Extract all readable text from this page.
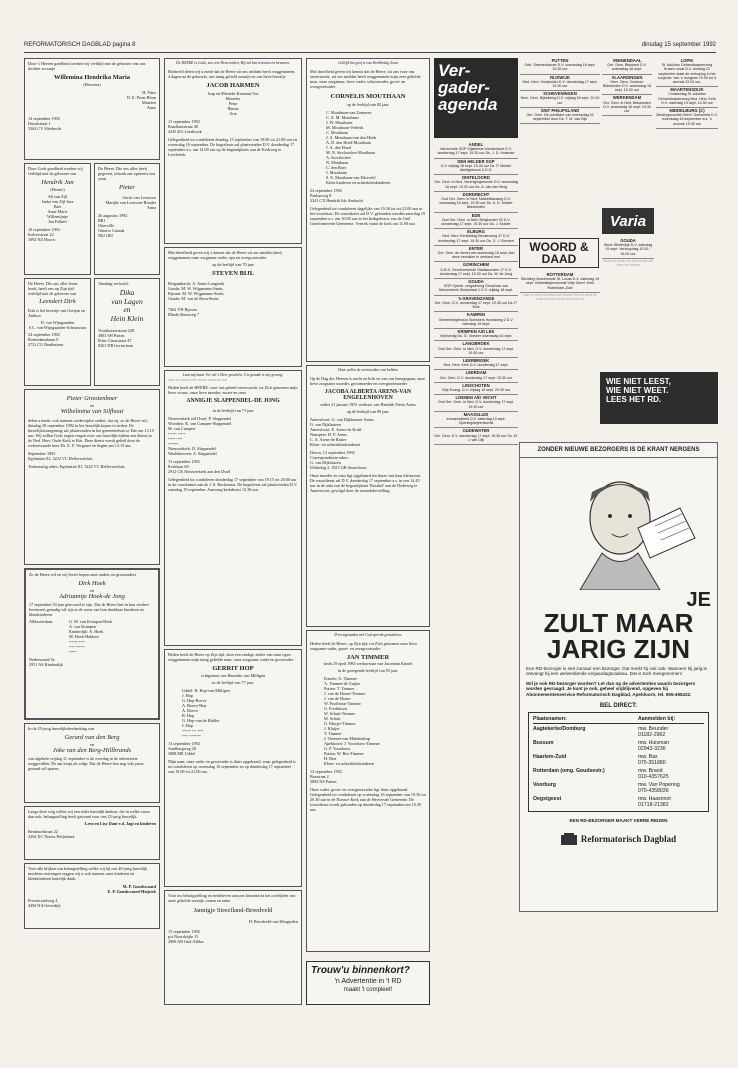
REFORMATORISCH DAGBLAD pagina 8	dinsdag 15 september 1992
Door 's Heeren goedheid werden wij verblijd met de geboorte van ons dochter en zusje
Willemina Hendrika Maria
(Herwina)
H. Prins
D. E. Prins-Blom
Maarten
Anne
14 september 1992
Duvalstraat 1
3363 CV Sliedrecht
Door Gods goedheid werden wij verblijd met de geboorte van
Hendrik Jan
(Henrie)
Ab van Zijl
Janke van Zijl-Jara
Bart
Anne Marie
Willemijntje
Jan Folkert
10 september 1992
Kalverstraat 22
1092 NZ Hoorn
De Heere, Die ons alles heeft gegeven, schonk ons opnieuw een zoon
Pieter
Gerrit van Leeuwen
Marijke van Leeuwen-Bouder
Anna
26 augustus 1992
BR1
Otterville
Ontario Canada
N0J 1R0
De Heere, Die ons aller leven heeft, heeft ons op Zijn tijd verblijd met de geboorte van
Leendert Dirk
Erik is het broertje van Gertjan en Anthon.
D. van Wijngaarden
S.C. van Wijngaarden-Schouwstra
24 september 1992
Rotterdamsbaan 9
2731 CG Benthuizen
Vandaag verloofd:
Dika
van Lagen
en
Hein Klein
Voorthuizerstraat 228
3881 SH Putten
Prins Clausstraat 47
8261 DB Gorinchem
Pieter Grootenboer
en
Wilhelmina van Silfhout
delen u mede, ook namens wederzijdse ouders, dat zij, zo de Heere wil, dinsdag 29 september 1992 in het huwelijk hopen te treden. De huwelijksinzegening zal plaatsvinden in het gemeentehuis te Ede om 13.15 uur. Wij willen Gods zegen vragen over ons huwelijk tijdens een dienst in de Ned. Herv. Oude Kerk te Ede. Deze dienst wordt geleid door de weleerwaarde heer Ds. E. F. Vergunst en begint om 14.15 uur.
September 1992
Egelantier 81, 3222 VC Hellevoetsluis
Toekomstig adres: Egelantier 81, 3222 VC Hellevoetsluis.
Zo de Heere wil en wij leven hopen onze ouders en grootouders
Dirk Hoek
en
Adriaantje Hoek-de Jong
17 september 50 jaar getrouwd te zijn. Dat de Heere hen in hun verdere levensreis genadig wil zijn is de wens van hun dankbare kinderen en kleinkinderen.
Alblasserdam:	G. M. van Krimpen-Hoek
A. van Krimpen
Kinderdijk: A. Hoek
M. Hoek-Hakkert
▪▪▪▪▪▪ ▪▪▪▪
▪▪▪▪ ▪▪▪▪▪▪
▪▪▪▪▪
Nederwaard 3a
2951 AS Kinderdijk
In de 25-jarig huwelijksherdenking van
Gerard van den Berg
en
Joke van den Berg-Hillbrands
van algehele vrijdag 11 september is de overdag in de advertentie weggevallen. De am loopt als volgt: Dat de Heere hen nog vele jaren gezond wil sparen.
Langs deze weg willen wij een ieder hartelijk danken, die in welke vorm dan ook, belangstelling heeft getoond voor ons 25-jarig huwelijk.
Leen en Lisy Dam-v.d. Jagt en kinderen
Bernhardstraat 22
3264 XC Nieuw-Beijerland
Voor alle blijken van belangstelling welke wij bij ons 40-jarig huwelijk mochten ontvangen zeggen wij u ook namens onze kinderen en kleinkinderen hartelijk dank.
M. P. Goudswaard
E. P. Goudswaard-Heijstek
Provinciaalweg 4
4494 NA Geersdijk
De HEERE is Gods, zoo wie Hem zoeken, Hij zal hen troosten en bewaren.
Bedroefd delen wij u mede dat de Heere uit ons midden heeft weggenomen, 4 dagen na de geboorte, ons innig geliefd zoontje en ons lieve broertje
JACOB HARMEN
Jaap en Mieneke Koeman-Vos
Mieneke
Petra
Hanna
Arie
13 september 1992
Raadhuisstraat 38
4245 KG Leerbroek
Gelegenheid tot condoleren dinsdag 15 september van 19.00 tot 21.00 uur en woensdag 16 september. De begrafenis zal plaatsvinden D.V. donderdag 17 september a.s. om 14.00 uur op de begraafplaats aan de Kerkweg te Leerbroek.
Met droefheid geven wij u kennis dat de Heere uit ons midden heeft weggenomen onze zorgzame vader, opa en overgrootvader
op de leeftijd van 70 jaar
STEVEN BIJL
Bergambacht: A. Smits-Langerak
Gouda: M. W. Wijgmanns-Smits
Bijsum: M. W. Wijgmanns-Smits
Gouda: M. van de Born-Smits
7462 VH Rijssen
Blinde Bastiweg 7
Laat mij maar Uw wil o Heer geschiën, Uw genade is mij genoeg.
▪▪▪▪▪ ▪▪▪ ▪▪▪▪▪▪▪ ▪▪▪▪ ▪▪▪▪▪▪▪ ▪▪▪▪▪▪ ▪▪▪ ▪▪▪▪
Heden heeft de HEERE, voor ons geheel onverwacht, tot Zich genomen mijn lieve vrouw, onze lieve moeder, zuster en oma
ANNIGJE SLAPPENDEL-DE JONG
in de leeftijd van 71 jaar
Nieuwerkerk a/d IJssel: P. Slappendel
Woerden: K. van Campen-Slappendel
M. van Campen
▪▪▪▪▪▪ ▪▪▪▪▪
▪▪▪▪▪ ▪▪▪▪
▪▪▪▪▪▪▪
Nieuwerkerk: D. Slappendel
Waddinxveen: A. Slappendel
13 september 1992
Kerklaan 60
2912 CK Nieuwerkerk aan den IJssel
Gelegenheid tot condoleren donderdag 17 september van 19.15 tot 20.00 uur in de rouwkamer aan de J. S. Bachstraat. De begrafenis zal plaatsvinden D.V. zaterdag 19 september. Aanvang kerkdienst 13.30 uur.
Heden heeft de Heere op Zijn tijd, door een eindige ziekte van onze ogen weggenomen mijn innig geliefde man, onze zorgzame vader en grootvader
GERRIT HOP
echtgenoot van Hanneke van Milligen
in de leeftijd van 77 jaar.
Uddel: H. Hop-van Milligen
J. Hop
G. Hop-Boeve
A. Boeve-Hop
A. Boeve
B. Hop
G. Hop-van de Ridder
J. Hop
▪▪▪▪▪▪ ▪▪▪ ▪▪▪▪
▪▪▪▪ ▪▪▪▪▪▪▪▪
14 september 1992
Aardbergweg 28
3888 ME Uddel
Mijn man, onze vader en grootvader is thuis opgebaard, waar gelegenheid is tot condoleren op woensdag 16 september en op donderdag 17 september van 19.00 tot 21.00 uur.
Voor uw belangstelling en medeleven aan ons betoond na het overlijden van onze geliefde zoontje, zonen en tante.
Jannigje Streefland-Breedveld
H. Breedveld-van Wingerden
15 september 1992
p/a Noordzijde 15
2960 AR Oud-Alblas
Geliefd het graf is van Kerkbodig Jezus
Met droefheid geven wij kennis dat de Heere, tot ons voor ons onverwacht, uit ons midden heeft weggenomen mijn zeer geliefde man, onze zorgzame, lieve vader, schoonvader, groot- en overgrootvader
CORNELIS MOUTHAAN
op de leeftijd van 82 jaar.
C. Mouthaan-van Zomeren
C. A. M. Mouthaan
J. W. Mouthaan
M. Mouthaan-Verberk
C. Mouthaan
J. A. Mouthaan-van den Hoek
A. D. den Hoed-Mouthaan
J. A. den Hoed
M. N. Stockstoker-Mouthaan
A. Stockstoker
N. Mouthaan
C. den Boer
J. Mouthaan
S. E. Mouthaan-van Eikeveld
Klein kinderen en achterkleinkinderen
24 september 1992
Paulusweg 8
3341 CX Hendrik Ido Ambacht
Gelegenheid tot condoleren dagelijks van 19.30 tot tot 21.00 uur in het woonhuis. De rouwdienst zal D.V. gehouden worden zaterdag 19 september a.s. om 10.00 uur in het kerkgebouw van de Oud Gereformeerde Gemeente. Vertrek vanaf de kerk om 11.00 uur.
Daar zullen de vermoeiden rust hebben
Op de Dag des Heeren is nacht en licht en van ons heengegaan, onze lieve zorgzame moeder, grootmoeder en overgrootmoeder
JACOBA ALBERTA ARENS-VAN ENGELENHOVEN
sedert 21 januari 1955 weduwe van Hendrik Pieter Arens
op de leeftijd van 89 jaar.
Amersfoort: G. van Dijkhuizen-Arens
G. van Dijkhuizen
Amersfoort: E. Arens-de Kruif
Nunspeet: H. P. Arens
C. A. Arens-de Ruiter
Klein- en achterkleinkinderen
Doorn, 13 september 1992
Correspondentie-adres:
G. van Dijkhuizen
Winkelag 2, 3815 GB Amersfoort
Onze moeder en oma ligt opgebaard ten huize van haar kleinzoon. De rouwdienst zal D.V. donderdag 17 september a.s. in een 14.45 uur in de aula van de begraafplaats 'Rusthof' aan de Dodeweg te Amersfoort, gevolgd door de teraardebestelling.
D'eerstgenaden ziel God spreekt genadeloos
Heden heeft de Heere, op Zijn tijd, tot Zich genomen onze lieve zorgzame vader, groot- en overgrootvader
JAN TIMMER
sinds 29 april 1984 weduwnaar van Jacomina Knotel
in de gezegende leeftijd van 93 jaar.
Ermelo: G. Timmer
A. Timmer-de Guijter
Putten: T. Timmer
J. van de Hoorn-Timmer
J. van de Hoorn
W. Poolthaus-Timmer
G. Fredriksen
W. Schuit-Timmer
M. Schuit
G. Kluijer-Timmer
J. Kluijer
T. Timmer
J. Timmer-van Middendorp
Apeldoorn: J. Voordouw-Timmer
G. P. Voordouw
Putten: W. Bos-Timmer
H. Bert
Klein- en achterkleinkinderen
12 september 1992
Bosstraat 2
3882 NS Putten
Onze vader, groot- en overgrootvader ligt thuis opgebaard. Gelegenheid tot condoleren op woensdag 16 september van 19.30 tot 20.30 uur in de Nieuwe Kerk aan de Herversde Gemeente. De rouwdienst wordt gehouden op donderdag 17 september om 10.30 uur.
Trouw'u binnenkort?
'n Advertentie in 't RD
maakt 't compleet!
Ver-
gader-
agenda
ANDEL
Hervormde SGP Gijsbertus Voerkersloot D.V. donderdag 17 sept. 19.30 uur Ds. J. D. Huisman
DEN HELDER SGP
D.V. vrijdag 18 sept. 19.30 uur Ds. P. Mulder Jachtgebouw 0.O.G.
DINTELOORD
Ger. Gem. in Ned. Verenigingsruimte D.V. woensdag 16 sept. 19.30 uur Ds. A. van den Berg
DORDRECHT
Oud Ger. Gem. in Ned. Marketstauweg D.V. woensdag 16 sept. 19.30 uur Ds. A. D. Mulder Bidstonden
EDE
Oud Ger. Gem. in Ned. Bergkeulen 32 D.V. donderdag 17 sept. 19.30 uur Ds. J. Mulder
ELBURG
Ned. Herv. Kerkbidtag Beukenweg 37 D.V. donderdag 17 sept. 19.30 uur Ds. G. J. Boonen
ENTER
Ger. Gem. de dienst van woensdag 16 sept. kan deze vervallen in verband met
GORINCHEM
G.B.S. Gereformeerde Stadskunsten 17 D.V. donderdag 17 sept. 19.30 uur Ds. W. de Jong
GOUDA
SGP Openb. vergadering Gesal kan van Nieuwerkerk Stolpstraat 1 D.V. vrijdag 18 sept.
's-GRAVENZANDE
Ger. Gem. D.V. donderdag 17 sept. 19.45 uur Ds. P. Blok
KAMPEN
Gemeentegebouw Sionskerk Hondsweg 2 D.V. zaterdag 19 sept.
KRIMPEN A/D LEK
Vrijmoedig Ds. G. Vomeer woensdag 16 sept.
LANGBROEK
Oud Ger. Gem. in Ned. D.V. donderdag 17 sept. 19.30 uur
LEERBROEK
Ned. Herv. Kerk D.V. donderdag 17 sept.
LEERDAM
Ger. Gem. D.V. donderdag 17 sept. 19.30 uur
LINSCHOTEN
Vrije Evang. D.V. vrijdag 18 sept. 20.00 uur
LOENEN A/D VECHT
Oud Ger. Gem. in Ned. D.V. donderdag 17 sept. 19.30 uur
MAASSLUIS
Immanuelkerk D.V. zaterdag 19 sept. Openingsbijeenkomst
OUDEWATER
Ger. Gem. D.V. donderdag 17 sept. 19.30 uur Ds. M. J. van Dijk
PUTTEN
Geb. Steenenkamer D.V. woensdag 16 sept. 19.30 uur
RIJSWIJK
Ned. Herv. Oostpolder D.V. donderdag 17 sept. 19.30 uur
SCHEVENINGEN
Herv. Gem. Bijbelkring D.V. vrijdag 18 sept. 20.00 uur
SINT PHILIPSLAND
Ger. Gem. De predikant van woensdag 16 september door Ds. T. M. van Dijk
WOORD & DAAD
ROTTERDAM
Stichting IJsselmonde St. Lucas D.V. zaterdag 19 sept. Gebedsbijeenkomst Vrije Geref. Kerk Rotterdam-Zuid
▪▪▪▪▪ ▪▪▪ ▪▪▪▪▪▪ ▪▪▪▪ ▪▪▪▪▪▪ ▪▪▪▪ ▪▪▪▪▪▪▪▪ ▪▪▪▪ ▪▪▪▪ ▪▪▪▪▪▪ ▪▪▪ ▪▪▪▪▪▪ ▪▪▪▪ ▪▪▪▪▪ ▪▪▪▪▪▪▪ ▪▪▪ ▪▪▪▪▪▪ ▪▪▪▪
VEENENDAAL
Ger. Gem. Bidstond D.V. woensdag 16 sept.
VLAARDINGEN
Herv. Gem. Centrum Bidstonden D.V. woensdag 16 sept. 19.30 uur
WERKENDAM
Ger. Gem. in Ned. Bidstonden D.V. woensdag 16 sept. 19.30 uur
Varia
GOUDA
Huize Winterdijk D.V. zaterdag 19 sept. Verkoopdag 10.00 - 16.00 uur
▪▪▪▪▪▪ ▪▪▪▪ ▪▪▪▪▪▪▪ ▪▪▪▪ ▪▪▪▪▪ ▪▪▪▪▪▪▪ ▪▪▪▪ ▪▪▪▪▪▪ ▪▪▪▪ ▪▪▪▪▪▪▪▪
LOPIK
St. Adullam Gehandicaptenzorg Kraam u/ook D.V. dondag 22 september staat de verkoping in het zorghuis. Van 's morgens 10.00 tot 's avonds 22.00 uur.
MAARTENSDIJK
Contactdag St. Adullam Gehandicaptenzorg Ned. Herv. Kerk D.V. zaterdag 19 sept. 14.30 uur
MIDDELBURG (C)
Zendingscomité Geref. Gemeente D.V. woensdag 16 september a.s. 's avonds 19.30 uur
WIE NIET LEEST,
WIE NIET WEET.
LEES HET RD.
ZONDER NIEUWE BEZORGERS IS DE KRANT NERGENS
JE
ZULT MAAR
JARIG ZIJN
Een RD-bezorger is niet zomaar een bezorger. Dat merkt hij ook ook. Wanneer hij jarig is ontvangt hij een welverdiende verjaardagscadeau. Dat is toch meegenomen!
Wil je ook RD-bezorger worden? Let dan op de advertenties waarin bezorgers worden gevraagd. Je kunt je ook, geheel vrijblijvend, opgeven bij Abonnementenservice Reformatorisch Dagblad, Apeldoorn, tel. 055-495222.
BEL DIRECT:
Plaatsnamen:	Aanmelden bij:
Aagtekerke/Domburg	mw. Beunder
01182-2962
Bussum	mw. Huisman
02943-3236
Haarlem-Zuid	mw. Bax
075-351880
Rotterdam (omg. Goudsestr.)	mw. Brand
010-4357625
Voorburg	mw. Van Popering
070-4358036
Oegstgeest	mw. Haasnoot
01718-21382
EEN RD-BEZORGER MAAKT VERRE REIZEN
Reformatorisch Dagblad
